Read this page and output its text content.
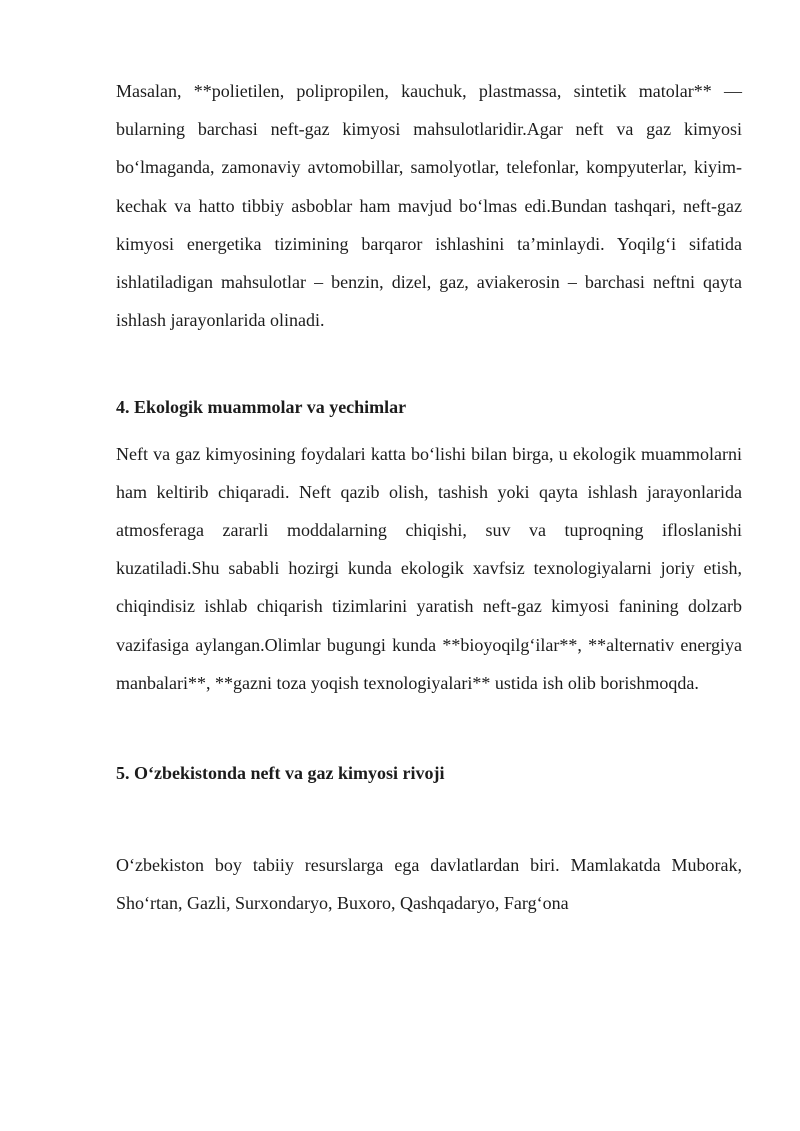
Masalan, **polietilen, polipropilen, kauchuk, plastmassa, sintetik matolar** — bularning barchasi neft-gaz kimyosi mahsulotlaridir.Agar neft va gaz kimyosi bo‘lmaganda, zamonaviy avtomobillar, samolyotlar, telefonlar, kompyuterlar, kiyim-kechak va hatto tibbiy asboblar ham mavjud bo‘lmas edi.Bundan tashqari, neft-gaz kimyosi energetika tizimining barqaror ishlashini ta’minlaydi. Yoqilg‘i sifatida ishlatiladigan mahsulotlar – benzin, dizel, gaz, aviakerosin – barchasi neftni qayta ishlash jarayonlarida olinadi.

4. Ekologik muammolar va yechimlar

Neft va gaz kimyosining foydalari katta bo‘lishi bilan birga, u ekologik muammolarni ham keltirib chiqaradi. Neft qazib olish, tashish yoki qayta ishlash jarayonlarida atmosferaga zararli moddalarning chiqishi, suv va tuproqning ifloslanishi kuzatiladi.Shu sababli hozirgi kunda ekologik xavfsiz texnologiyalarni joriy etish, chiqindisiz ishlab chiqarish tizimlarini yaratish neft-gaz kimyosi fanining dolzarb vazifasiga aylangan.Olimlar bugungi kunda **bioyoqilg‘ilar**, **alternativ energiya manbalari**, **gazni toza yoqish texnologiyalari** ustida ish olib borishmoqda.

5. O‘zbekistonda neft va gaz kimyosi rivoji

O‘zbekiston boy tabiiy resurslarga ega davlatlardan biri. Mamlakatda Muborak, Sho‘rtan, Gazli, Surxondaryo, Buxoro, Qashqadaryo, Farg‘ona
